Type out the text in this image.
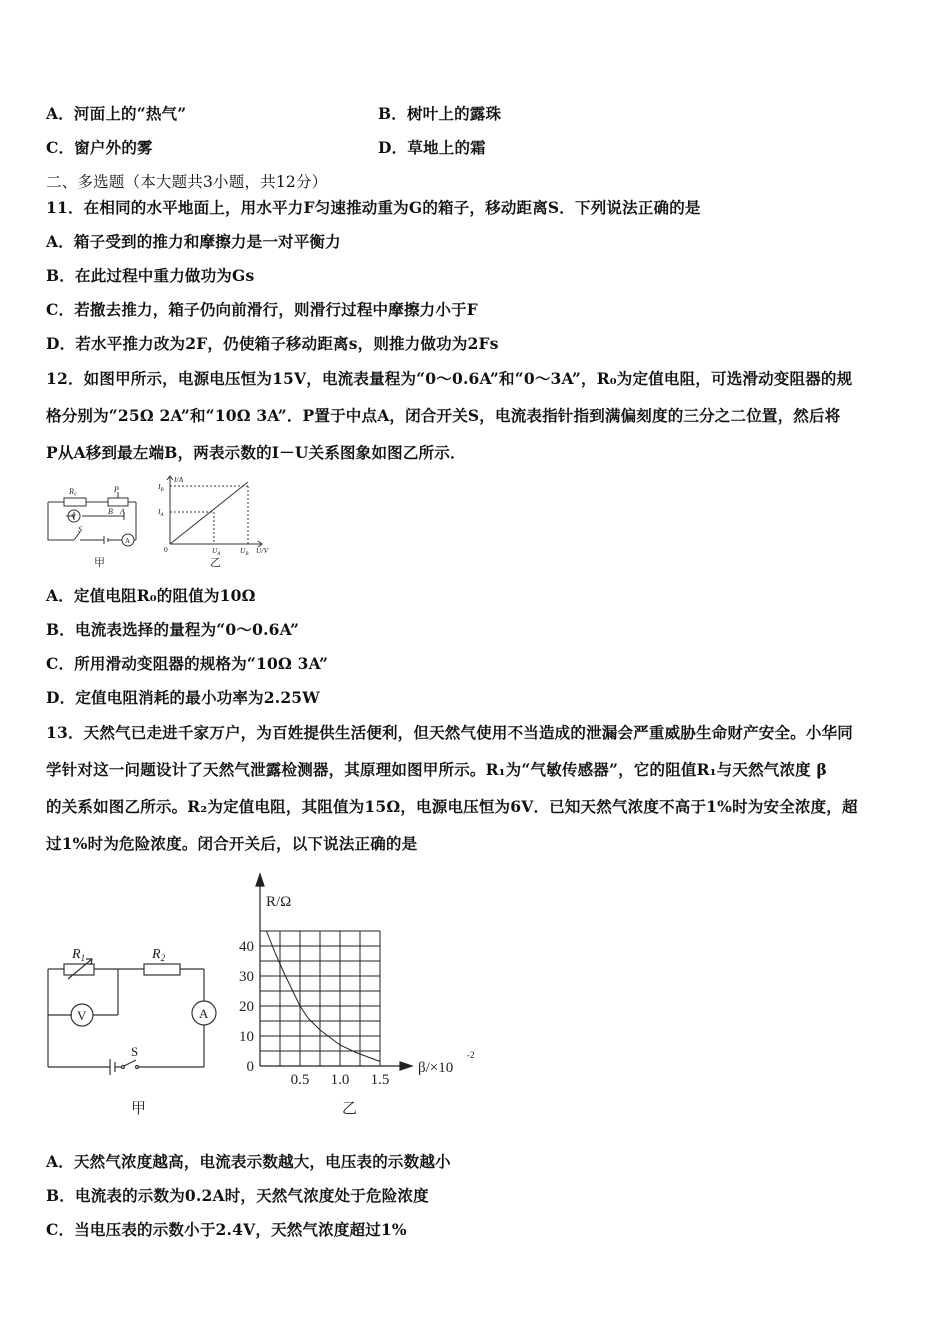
A．河面上的“热气”	B．树叶上的露珠
C．窗户外的雾	D．草地上的霜
二、多选题（本大题共3小题，共12分）
11．在相同的水平地面上，用水平力F匀速推动重为G的箱子，移动距离S．下列说法正确的是
A．箱子受到的推力和摩擦力是一对平衡力
B．在此过程中重力做功为Gs
C．若撤去推力，箱子仍向前滑行，则滑行过程中摩擦力小于F
D．若水平推力改为2F，仍使箱子移动距离s，则推力做功为2Fs
12．如图甲所示，电源电压恒为15V，电流表量程为“0～0.6A”和“0～3A”，R₀为定值电阻，可选滑动变阻器的规
格分别为“25Ω 2A”和“10Ω 3A”．P置于中点A，闭合开关S，电流表指针指到满偏刻度的三分之二位置，然后将
P从A移到最左端B，两表示数的I－U关系图象如图乙所示．
R₀	P
B A
V
S
A
甲
I/A
$I_B$
$I_A$
0	$U_A$	$U_B$ U/V
乙
A．定值电阻R₀的阻值为10Ω
B．电流表选择的量程为“0～0.6A”
C．所用滑动变阻器的规格为“10Ω 3A”
D．定值电阻消耗的最小功率为2.25W
13．天然气已走进千家万户，为百姓提供生活便利，但天然气使用不当造成的泄漏会严重威胁生命财产安全。小华同
学针对这一问题设计了天然气泄露检测器，其原理如图甲所示。R₁为“气敏传感器”，它的阻值R₁与天然气浓度 β
的关系如图乙所示。R₂为定值电阻，其阻值为15Ω，电源电压恒为6V．已知天然气浓度不高于1%时为安全浓度，超
过1%时为危险浓度。闭合开关后，以下说法正确的是
$R_1$	$R_2$
V	A
S
甲
0
10
20
30
40
0.5 1.0 1.5
R/Ω
β/×10
-2
乙
A．天然气浓度越高，电流表示数越大，电压表的示数越小
B．电流表的示数为0.2A时，天然气浓度处于危险浓度
C．当电压表的示数小于2.4V，天然气浓度超过1%
